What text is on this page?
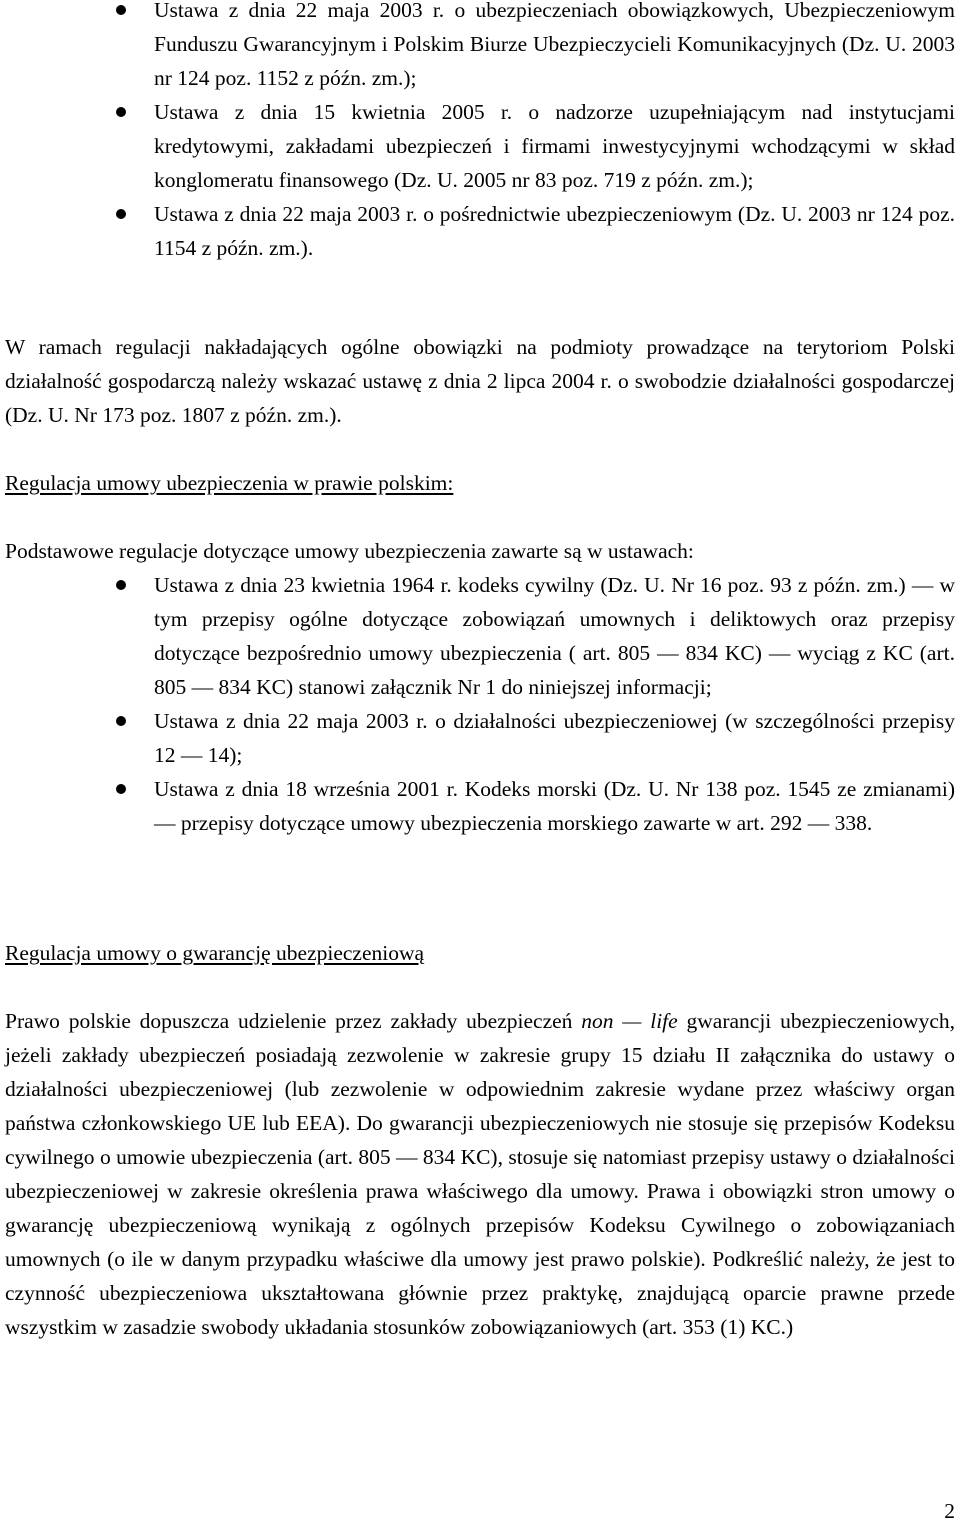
Ustawa z dnia 22 maja 2003 r. o ubezpieczeniach obowiązkowych, Ubezpieczeniowym Funduszu Gwarancyjnym i Polskim Biurze Ubezpieczycieli Komunikacyjnych (Dz. U. 2003 nr 124 poz. 1152 z późn. zm.);
Ustawa z dnia 15 kwietnia 2005 r. o nadzorze uzupełniającym nad instytucjami kredytowymi, zakładami ubezpieczeń i firmami inwestycyjnymi wchodzącymi w skład konglomeratu finansowego (Dz. U. 2005 nr 83 poz. 719 z późn. zm.);
Ustawa z dnia 22 maja 2003 r. o pośrednictwie ubezpieczeniowym (Dz. U. 2003 nr 124 poz. 1154 z późn. zm.).

W ramach regulacji nakładających ogólne obowiązki na podmioty prowadzące na terytoriom Polski działalność gospodarczą należy wskazać ustawę z dnia 2 lipca 2004 r. o swobodzie działalności gospodarczej (Dz. U. Nr 173 poz. 1807 z późn. zm.).

Regulacja umowy ubezpieczenia w prawie polskim:

Podstawowe regulacje dotyczące umowy ubezpieczenia zawarte są w ustawach:

Ustawa z dnia 23 kwietnia 1964 r. kodeks cywilny (Dz. U. Nr 16 poz. 93 z późn. zm.) — w tym przepisy ogólne dotyczące zobowiązań umownych i deliktowych oraz przepisy dotyczące bezpośrednio umowy ubezpieczenia ( art. 805 — 834 KC) — wyciąg z KC (art. 805 — 834 KC) stanowi załącznik Nr 1 do niniejszej informacji;
Ustawa z dnia 22 maja 2003 r. o działalności ubezpieczeniowej (w szczególności przepisy 12 — 14);
Ustawa z dnia 18 września 2001 r. Kodeks morski (Dz. U. Nr 138 poz. 1545 ze zmianami) — przepisy dotyczące umowy ubezpieczenia morskiego zawarte w art. 292 — 338.

Regulacja umowy o gwarancję ubezpieczeniową

Prawo polskie dopuszcza udzielenie przez zakłady ubezpieczeń non — life gwarancji ubezpieczeniowych, jeżeli zakłady ubezpieczeń posiadają zezwolenie w zakresie grupy 15 działu II załącznika do ustawy o działalności ubezpieczeniowej (lub zezwolenie w odpowiednim zakresie wydane przez właściwy organ państwa członkowskiego UE lub EEA). Do gwarancji ubezpieczeniowych nie stosuje się przepisów Kodeksu cywilnego o umowie ubezpieczenia (art. 805 — 834 KC), stosuje się natomiast przepisy ustawy o działalności ubezpieczeniowej w zakresie określenia prawa właściwego dla umowy. Prawa i obowiązki stron umowy o gwarancję ubezpieczeniową wynikają z ogólnych przepisów Kodeksu Cywilnego o zobowiązaniach umownych (o ile w danym przypadku właściwe dla umowy jest prawo polskie). Podkreślić należy, że jest to czynność ubezpieczeniowa ukształtowana głównie przez praktykę, znajdującą oparcie prawne przede wszystkim w zasadzie swobody układania stosunków zobowiązaniowych (art. 353 (1) KC.)

2
